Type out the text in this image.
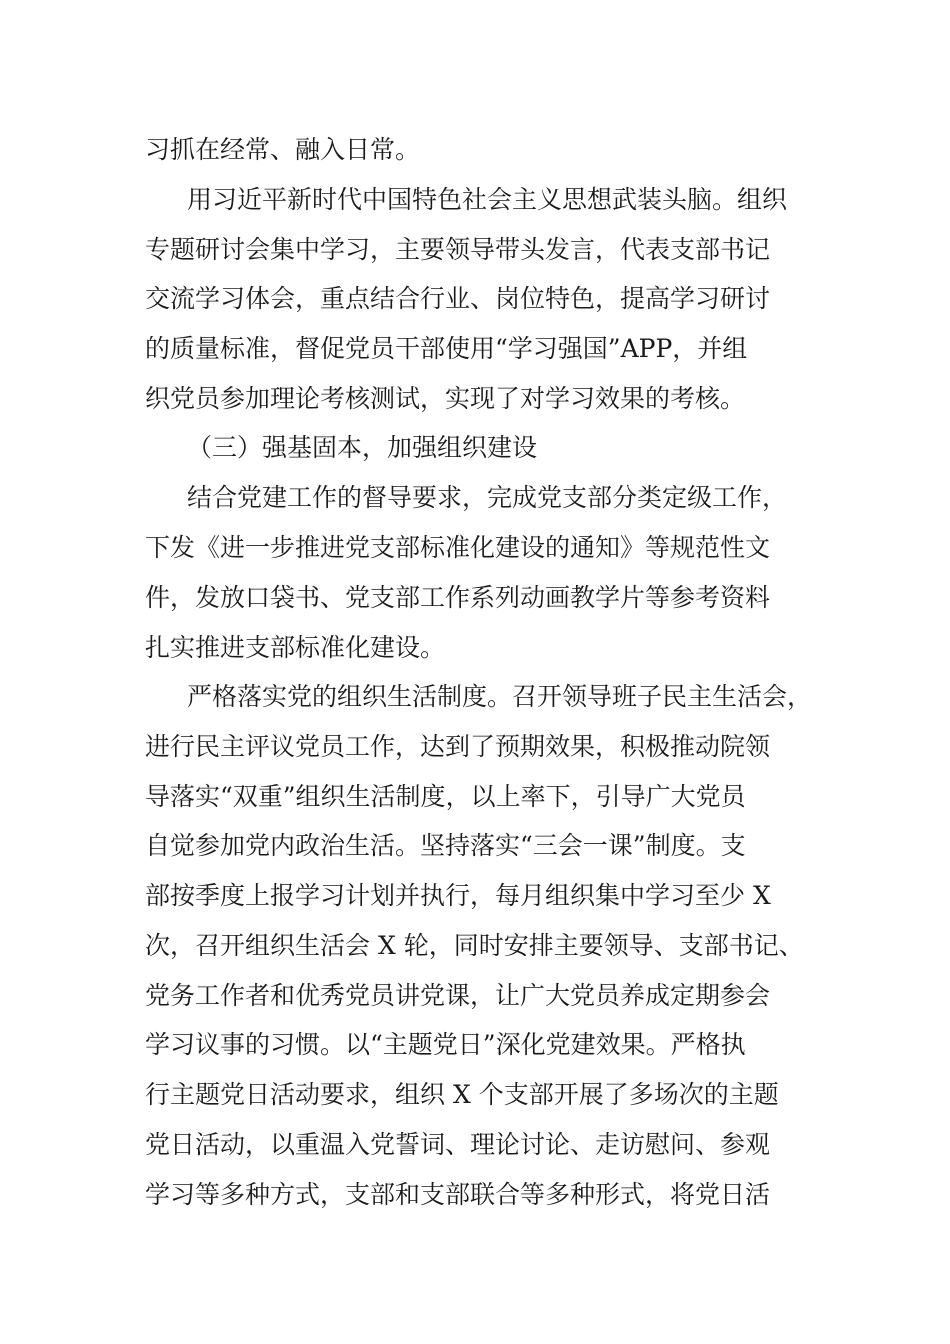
习抓在经常、融入日常。
用习近平新时代中国特色社会主义思想武装头脑。组织
专题研讨会集中学习，主要领导带头发言，代表支部书记
交流学习体会，重点结合行业、岗位特色，提高学习研讨
的质量标准，督促党员干部使用“学习强国”APP，并组
织党员参加理论考核测试，实现了对学习效果的考核。
（三）强基固本，加强组织建设
结合党建工作的督导要求，完成党支部分类定级工作，
下发《进一步推进党支部标准化建设的通知》等规范性文
件，发放口袋书、党支部工作系列动画教学片等参考资料
扎实推进支部标准化建设。
严格落实党的组织生活制度。召开领导班子民主生活会，
进行民主评议党员工作，达到了预期效果，积极推动院领
导落实“双重”组织生活制度，以上率下，引导广大党员
自觉参加党内政治生活。坚持落实“三会一课”制度。支
部按季度上报学习计划并执行，每月组织集中学习至少 X
次，召开组织生活会 X 轮，同时安排主要领导、支部书记、
党务工作者和优秀党员讲党课，让广大党员养成定期参会
学习议事的习惯。以“主题党日”深化党建效果。严格执
行主题党日活动要求，组织 X 个支部开展了多场次的主题
党日活动，以重温入党誓词、理论讨论、走访慰问、参观
学习等多种方式，支部和支部联合等多种形式，将党日活
